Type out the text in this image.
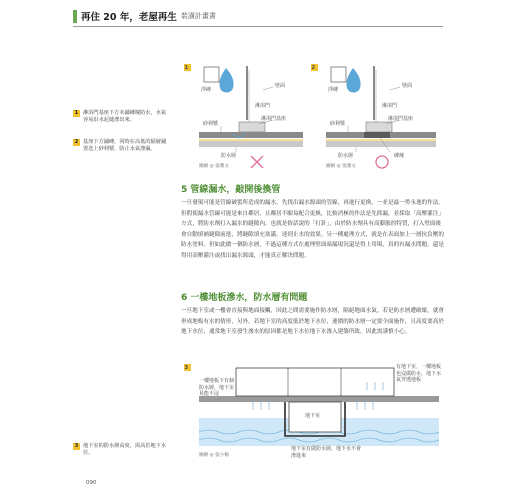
再住 20 年，老屋再生 裝潢計畫書
1 淋浴門基座下方未鋪磚塊防水，水氣容易沿水泥縫滲出來。
2 基座下方鋪磚，同時在高低的隔層鋪置迭上砂利漿，防止水氣滲漏。
3 地下室的防水層高度，需高於地下水位。
1
壁面
浮磚
淋浴門
淋浴門基座
砂利漿
防水層
圖繪 ◎ 張雅文
2
壁面
浮磚
淋浴門
淋浴門基座
砂利漿
防水層	磚塊
圖繪 ◎ 張雅文
5 管線漏水，敲開後換管

一旦發現可能是管線破裂所造成的漏水，先找出漏水源頭的管線，再進行更換，一並是最一勞永逸的作法。但假使漏水管線可能是來自鄰居，且鄰居不願易配合更換，比較消極的作法是先抓漏，並採取「高壓灌注」方式，將防水劑打入漏水的縫隙內，也就是俗話說的「打針」，由於防水劑具有高膨脹的特質，打入壁面後會自動填補縫隙前進，將縫隙填充塞滿，達到止水的效果。另一種處理方式，就是在表面加上一層抗負壓的防水塗料，但如此做一個防水層，不過這種方式在處理壁面暗漏現況還是得上用場，真的有漏水問題，還是得用高壓灌注或找出漏水源頭，才能真正解決問題。

6 一樓地板滲水，防水層有問題

一旦地下室或一樓會直接與地面接觸，因此之間需要施作防水層，隔絕地面水氣。若是防水層遭破壞，就會形成地板有水的情形，另外，若地下室的高度低於地下水位，連圍的防水層一定要全面施作，且高度要高於地下水位，通常地下室發生滲水的原因都是地下水位地下水滲入建築所致，因此需謹慎小心。

3
一樓地板下有個防水層，地下室易能不浸
有地下室，一樓地板也沒做防水，地下水氣穿透地板
地下室
地下室有做防水層，地下水不會滲進來
圖繪 ◎ 張小楊
090
